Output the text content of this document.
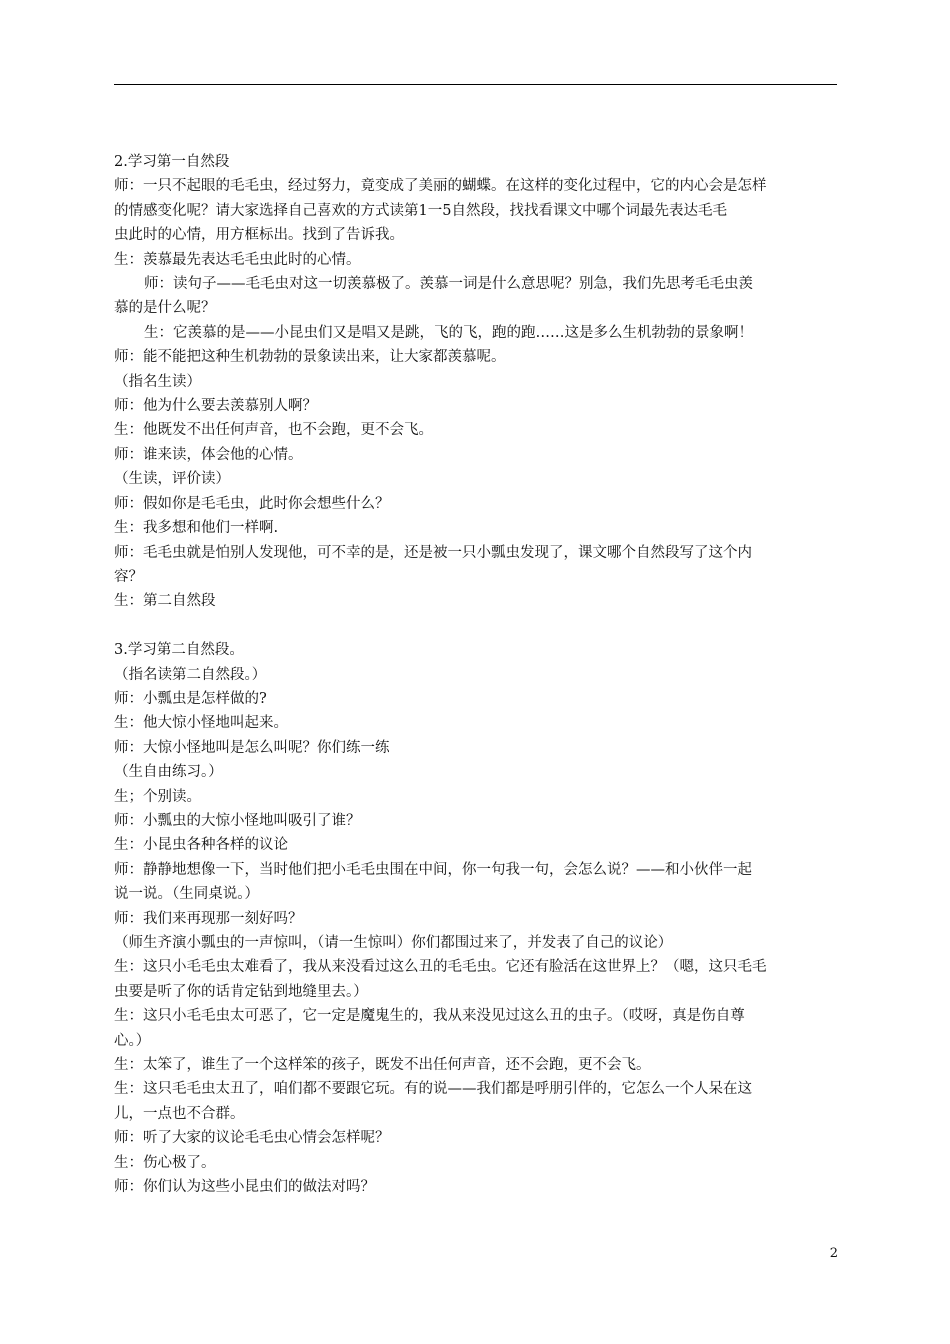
2.学习第一自然段
师：一只不起眼的毛毛虫，经过努力，竟变成了美丽的蝴蝶。在这样的变化过程中，它的内心会是怎样
的情感变化呢？请大家选择自己喜欢的方式读第1一5自然段，找找看课文中哪个词最先表达毛毛
虫此时的心情，用方框标出。找到了告诉我。
生：羡慕最先表达毛毛虫此时的心情。
师：读句子——毛毛虫对这一切羡慕极了。羡慕一词是什么意思呢？别急，我们先思考毛毛虫羡
慕的是什么呢？
生：它羡慕的是——小昆虫们又是唱又是跳，飞的飞，跑的跑……这是多么生机勃勃的景象啊！
师：能不能把这种生机勃勃的景象读出来，让大家都羡慕呢。
（指名生读）
师：他为什么要去羡慕别人啊？
生：他既发不出任何声音，也不会跑，更不会飞。
师：谁来读，体会他的心情。
（生读，评价读）
师：假如你是毛毛虫，此时你会想些什么？
生：我多想和他们一样啊.
师：毛毛虫就是怕别人发现他，可不幸的是，还是被一只小瓢虫发现了，课文哪个自然段写了这个内
容？
生：第二自然段
3.学习第二自然段。
（指名读第二自然段。）
师：小瓢虫是怎样做的?
生：他大惊小怪地叫起来。
师：大惊小怪地叫是怎么叫呢？你们练一练
（生自由练习。）
生；个别读。
师：小瓢虫的大惊小怪地叫吸引了谁？
生：小昆虫各种各样的议论
师：静静地想像一下，当时他们把小毛毛虫围在中间，你一句我一句，会怎么说？——和小伙伴一起
说一说。（生同桌说。）
师：我们来再现那一刻好吗？
（师生齐演小瓢虫的一声惊叫，（请一生惊叫）你们都围过来了，并发表了自己的议论）
生：这只小毛毛虫太难看了，我从来没看过这么丑的毛毛虫。它还有脸活在这世界上？（嗯，这只毛毛
虫要是听了你的话肯定钻到地缝里去。）
生：这只小毛毛虫太可恶了，它一定是魔鬼生的，我从来没见过这么丑的虫子。（哎呀，真是伤自尊
心。）
生：太笨了，谁生了一个这样笨的孩子，既发不出任何声音，还不会跑，更不会飞。
生：这只毛毛虫太丑了，咱们都不要跟它玩。有的说——我们都是呼朋引伴的，它怎么一个人呆在这
儿，一点也不合群。
师：听了大家的议论毛毛虫心情会怎样呢？
生：伤心极了。
师：你们认为这些小昆虫们的做法对吗？
2
